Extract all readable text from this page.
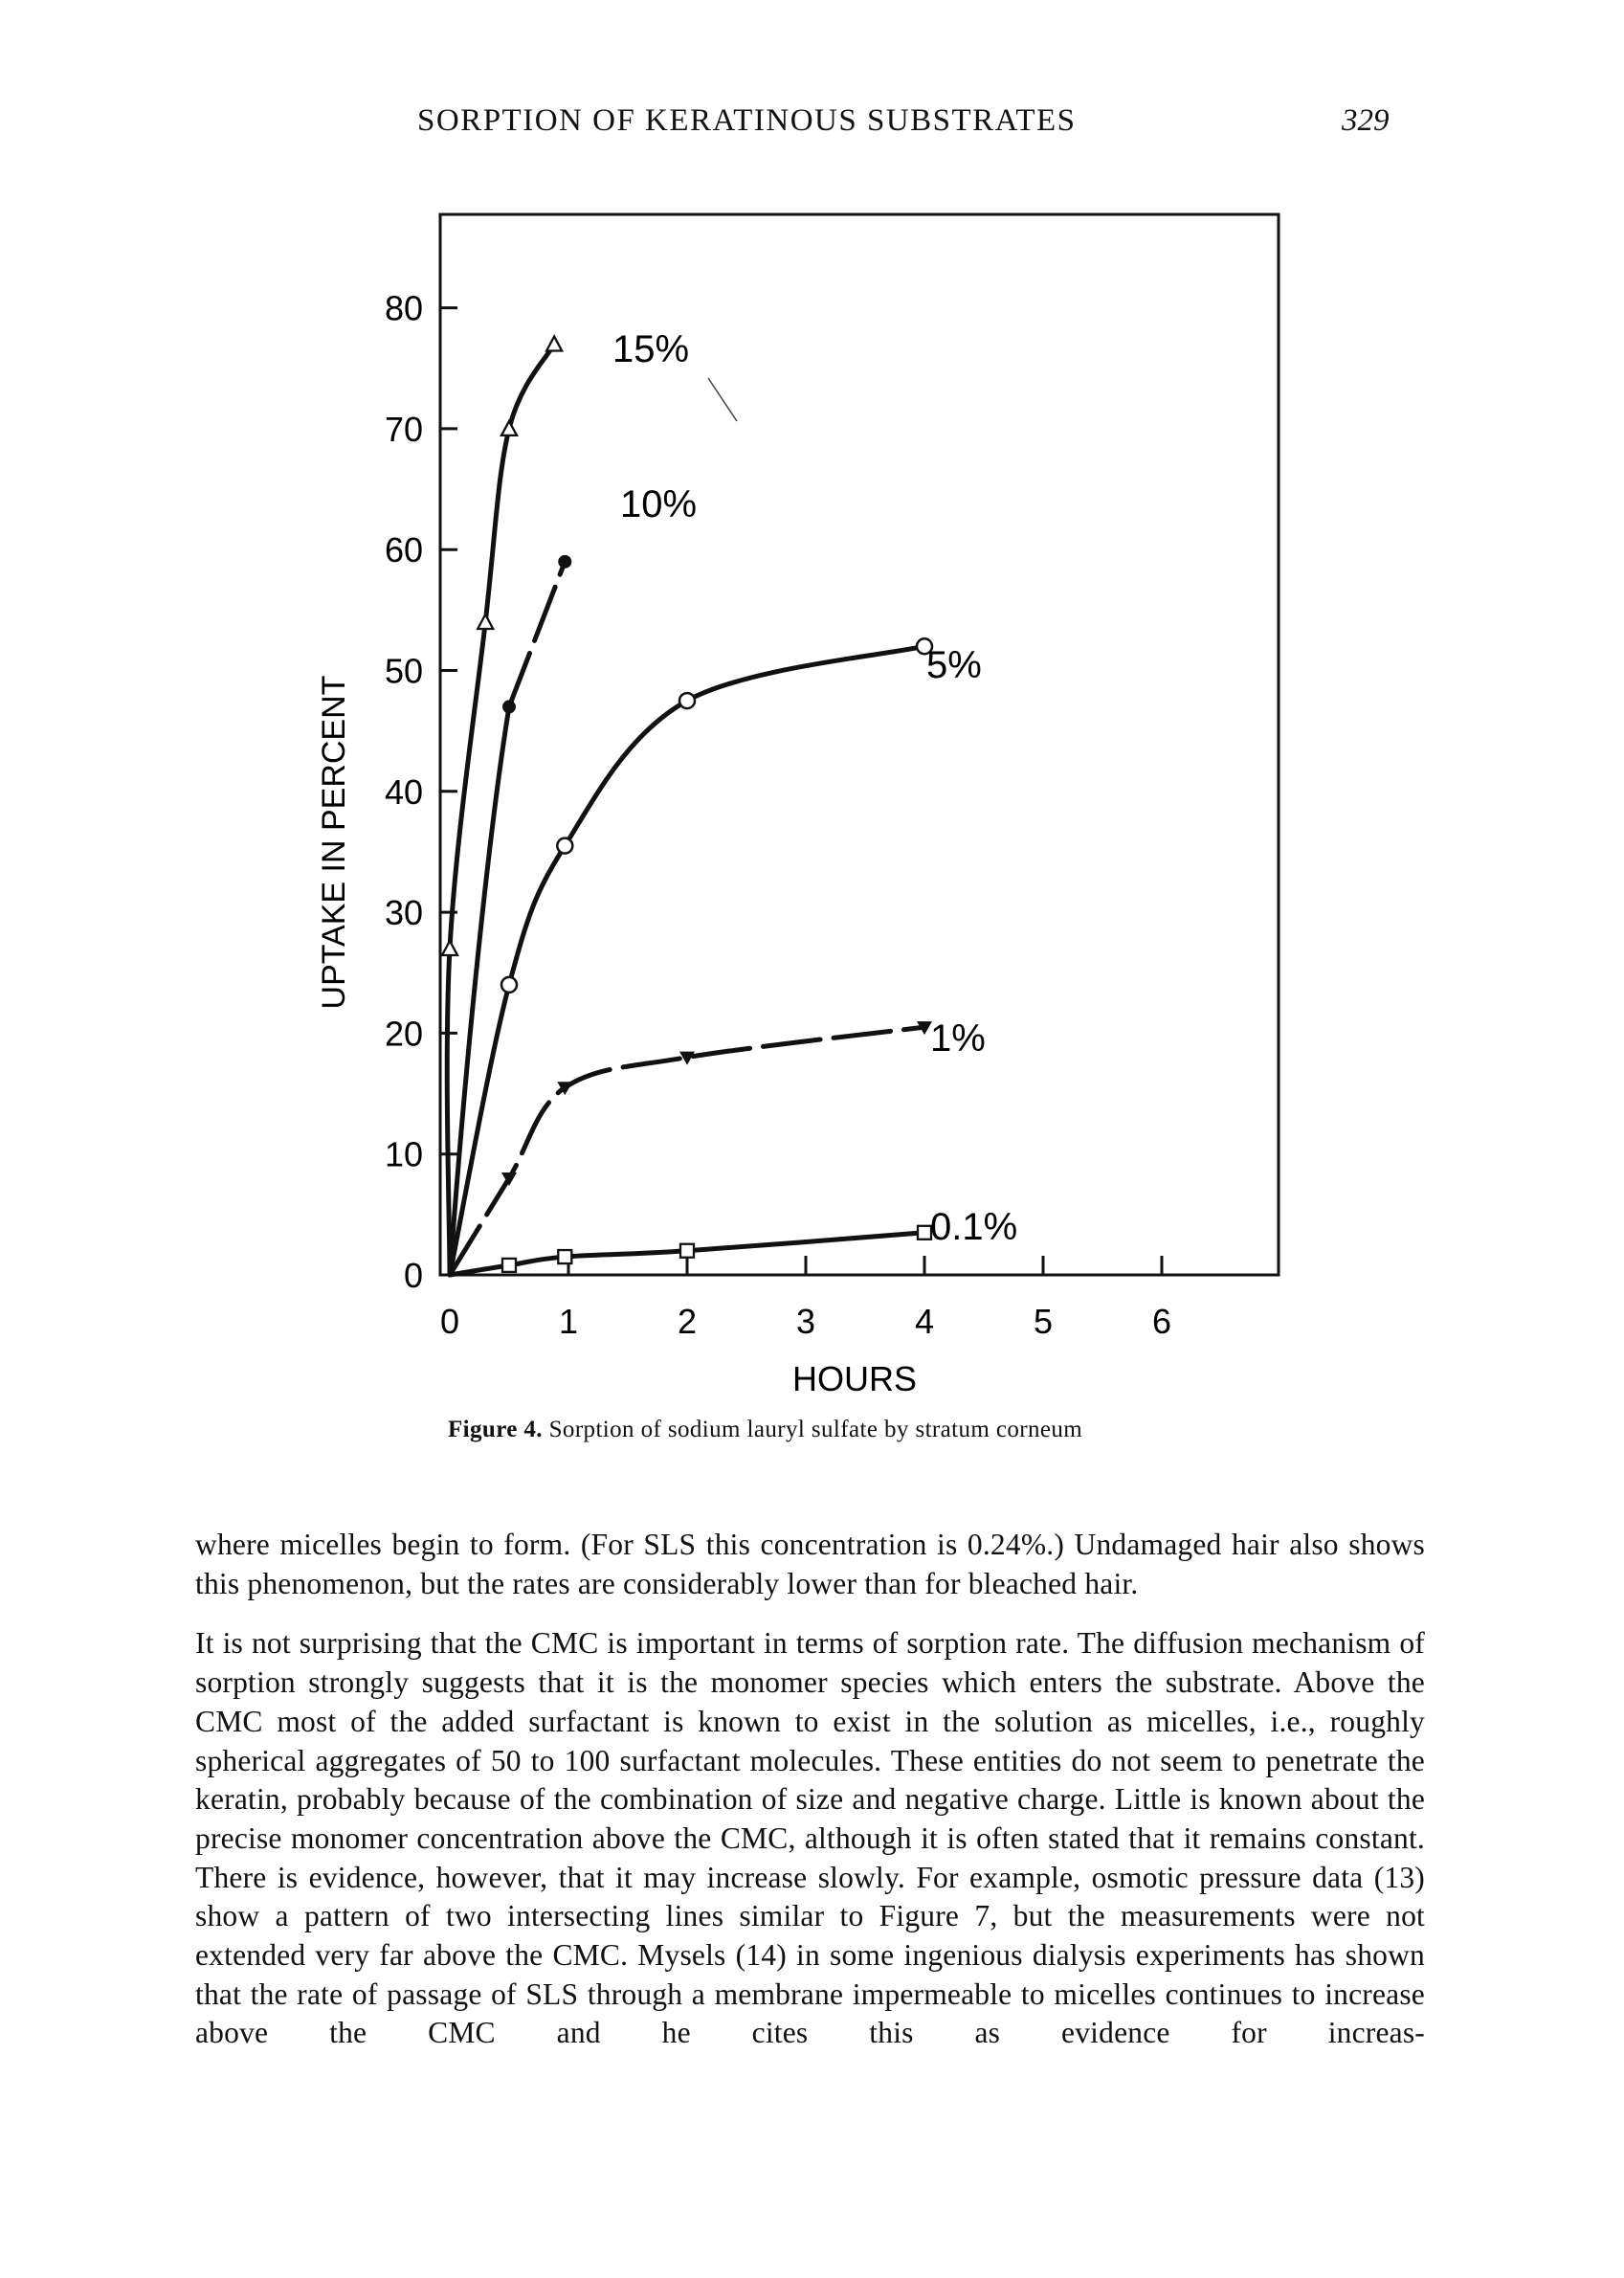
SORPTION OF KERATINOUS SUBSTRATES	329
0
10
20
30
40
50
60
70
80
0	1	2	3	4	5	6
15%
10%
5%
1%
0.1%
UPTAKE IN PERCENT
HOURS
Figure 4. Sorption of sodium lauryl sulfate by stratum corneum

where micelles begin to form. (For SLS this concentration is 0.24%.) Undamaged hair also shows this phenomenon, but the rates are considerably lower than for bleached hair.

It is not surprising that the CMC is important in terms of sorption rate. The diffusion mechanism of sorption strongly suggests that it is the monomer species which enters the substrate. Above the CMC most of the added surfactant is known to exist in the solution as micelles, i.e., roughly spherical aggregates of 50 to 100 surfactant molecules. These entities do not seem to penetrate the keratin, probably because of the combination of size and negative charge. Little is known about the precise monomer concentration above the CMC, although it is often stated that it remains constant. There is evidence, however, that it may increase slowly. For example, osmotic pressure data (13) show a pattern of two intersecting lines similar to Figure 7, but the measurements were not extended very far above the CMC. Mysels (14) in some ingenious dialysis experiments has shown that the rate of passage of SLS through a membrane impermeable to micelles continues to increase above the CMC and he cites this as evidence for increas-
